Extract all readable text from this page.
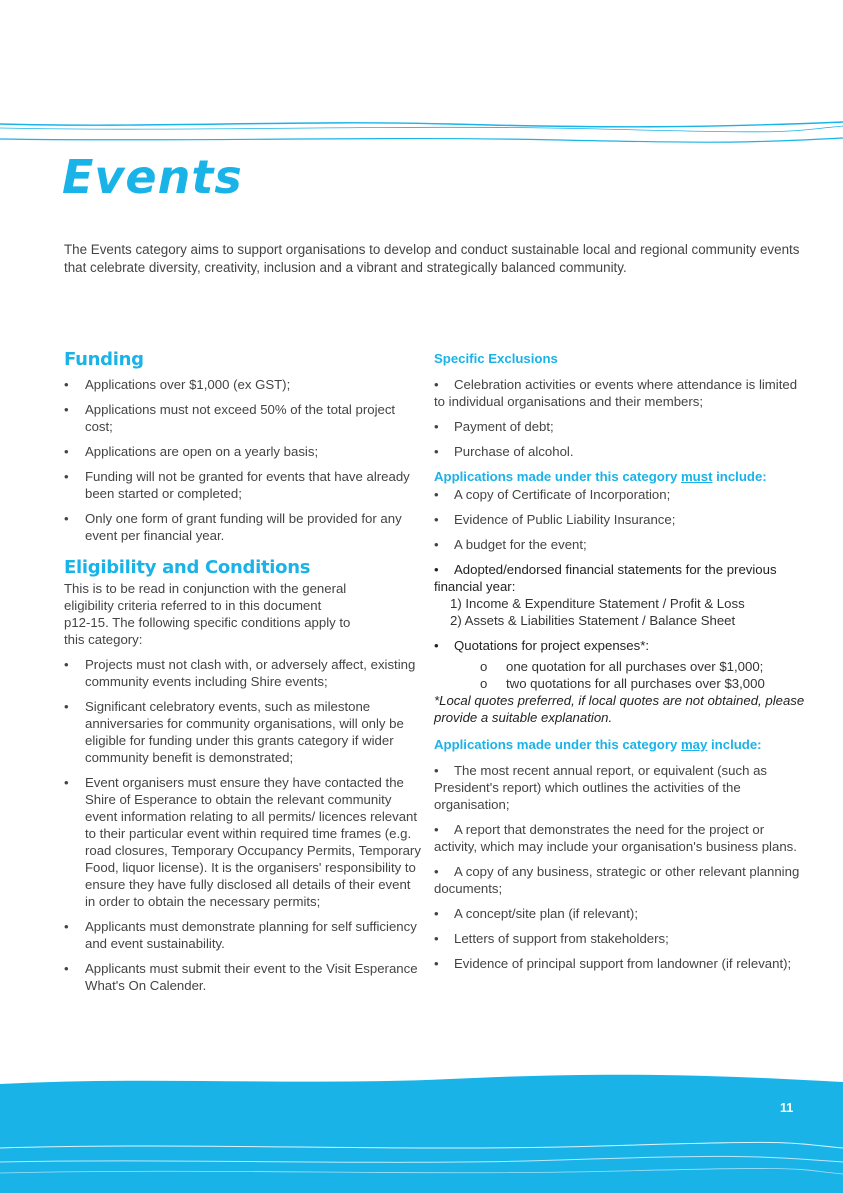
Events

The Events category aims to support organisations to develop and conduct sustainable local and regional community events that celebrate diversity, creativity, inclusion and a vibrant and strategically balanced community.

Funding
•	Applications over $1,000 (ex GST);
•	Applications must not exceed 50% of the total project cost;
•	Applications are open on a yearly basis;
•	Funding will not be granted for events that have already been started or completed;
•	Only one form of grant funding will be provided for any event per financial year.
Eligibility and Conditions
This is to be read in conjunction with the general
eligibility criteria referred to in this document
p12-15. The following specific conditions apply to
this category:
•	Projects must not clash with, or adversely affect, existing community events including Shire events;
•	Significant celebratory events, such as milestone anniversaries for community organisations, will only be eligible for funding under this grants category if wider community benefit is demonstrated;
•	Event organisers must ensure they have contacted the Shire of Esperance to obtain the relevant community event information relating to all permits/ licences relevant to their particular event within required time frames (e.g. road closures, Temporary Occupancy Permits, Temporary Food, liquor license). It is the organisers' responsibility to ensure they have fully disclosed all details of their event in order to obtain the necessary permits;
•	Applicants must demonstrate planning for self sufficiency and event sustainability.
•	Applicants must submit their event to the Visit Esperance What's On Calender.
Specific Exclusions
• Celebration activities or events where attendance is limited to individual organisations and their members;
• Payment of debt;
• Purchase of alcohol.
Applications made under this category must include:
• A copy of Certificate of Incorporation;
• Evidence of Public Liability Insurance;
• A budget for the event;
• Adopted/endorsed financial statements for the previous financial year:
1) Income & Expenditure Statement / Profit & Loss
2) Assets & Liabilities Statement / Balance Sheet
• Quotations for project expenses*:
o one quotation for all purchases over $1,000;
o two quotations for all purchases over $3,000

*Local quotes preferred, if local quotes are not obtained, please provide a suitable explanation.

Applications made under this category may include:
• The most recent annual report, or equivalent (such as President's report) which outlines the activities of the organisation;
• A report that demonstrates the need for the project or activity, which may include your organisation's business plans.
• A copy of any business, strategic or other relevant planning documents;
• A concept/site plan (if relevant);
• Letters of support from stakeholders;
• Evidence of principal support from landowner (if relevant);
11
